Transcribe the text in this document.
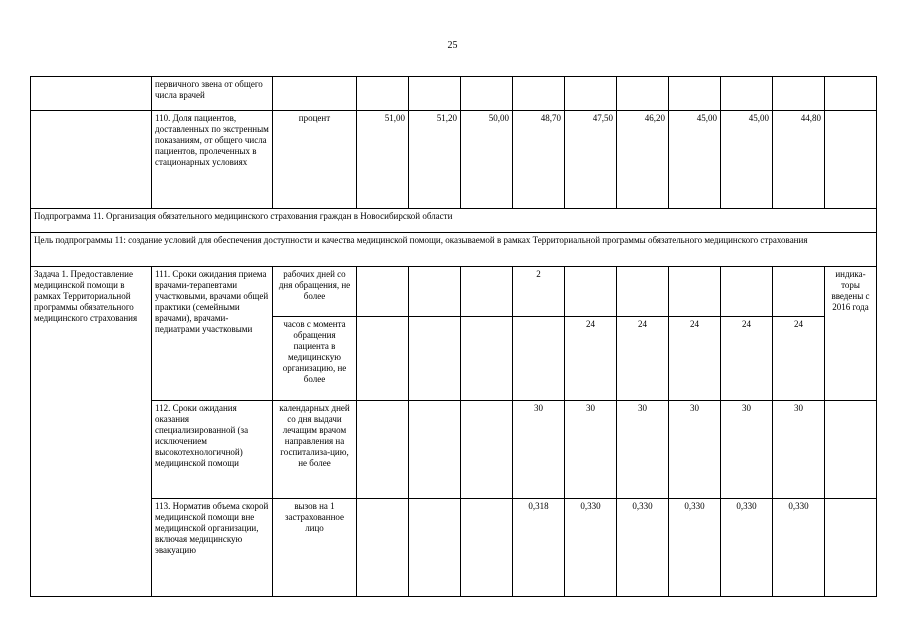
25
	первичного звена от общего числа врачей											
	110. Доля пациентов, доставленных по экстренным показаниям, от общего числа пациентов, пролеченных в стационарных условиях	процент	51,00	51,20	50,00	48,70	47,50	46,20	45,00	45,00	44,80	
Подпрограмма 11. Организация обязательного медицинского страхования граждан в Новосибирской области												
Цель подпрограммы 11: создание условий для обеспечения доступности и качества медицинской помощи, оказываемой в рамках Территориальной программы обязательного медицинского страхования												
Задача 1. Предоставление медицинской помощи в рамках Территориальной программы обязательного медицинского страхования	111. Сроки ожидания приема врачами-терапевтами участковыми, врачами общей практики (семейными врачами), врачами-педиатрами участковыми	рабочих дней со дня обращения, не более				2						индика-торы введены с 2016 года
		часов с момента обращения пациента в медицинскую организацию, не более					24	24	24	24	24	
	112. Сроки ожидания оказания специализированной (за исключением высокотехнологичной) медицинской помощи	календарных дней со дня выдачи лечащим врачом направления на госпитализа-цию, не более				30	30	30	30	30	30	
	113. Норматив объема скорой медицинской помощи вне медицинской организации, включая медицинскую эвакуацию	вызов на 1 застрахованное лицо				0,318	0,330	0,330	0,330	0,330	0,330	
